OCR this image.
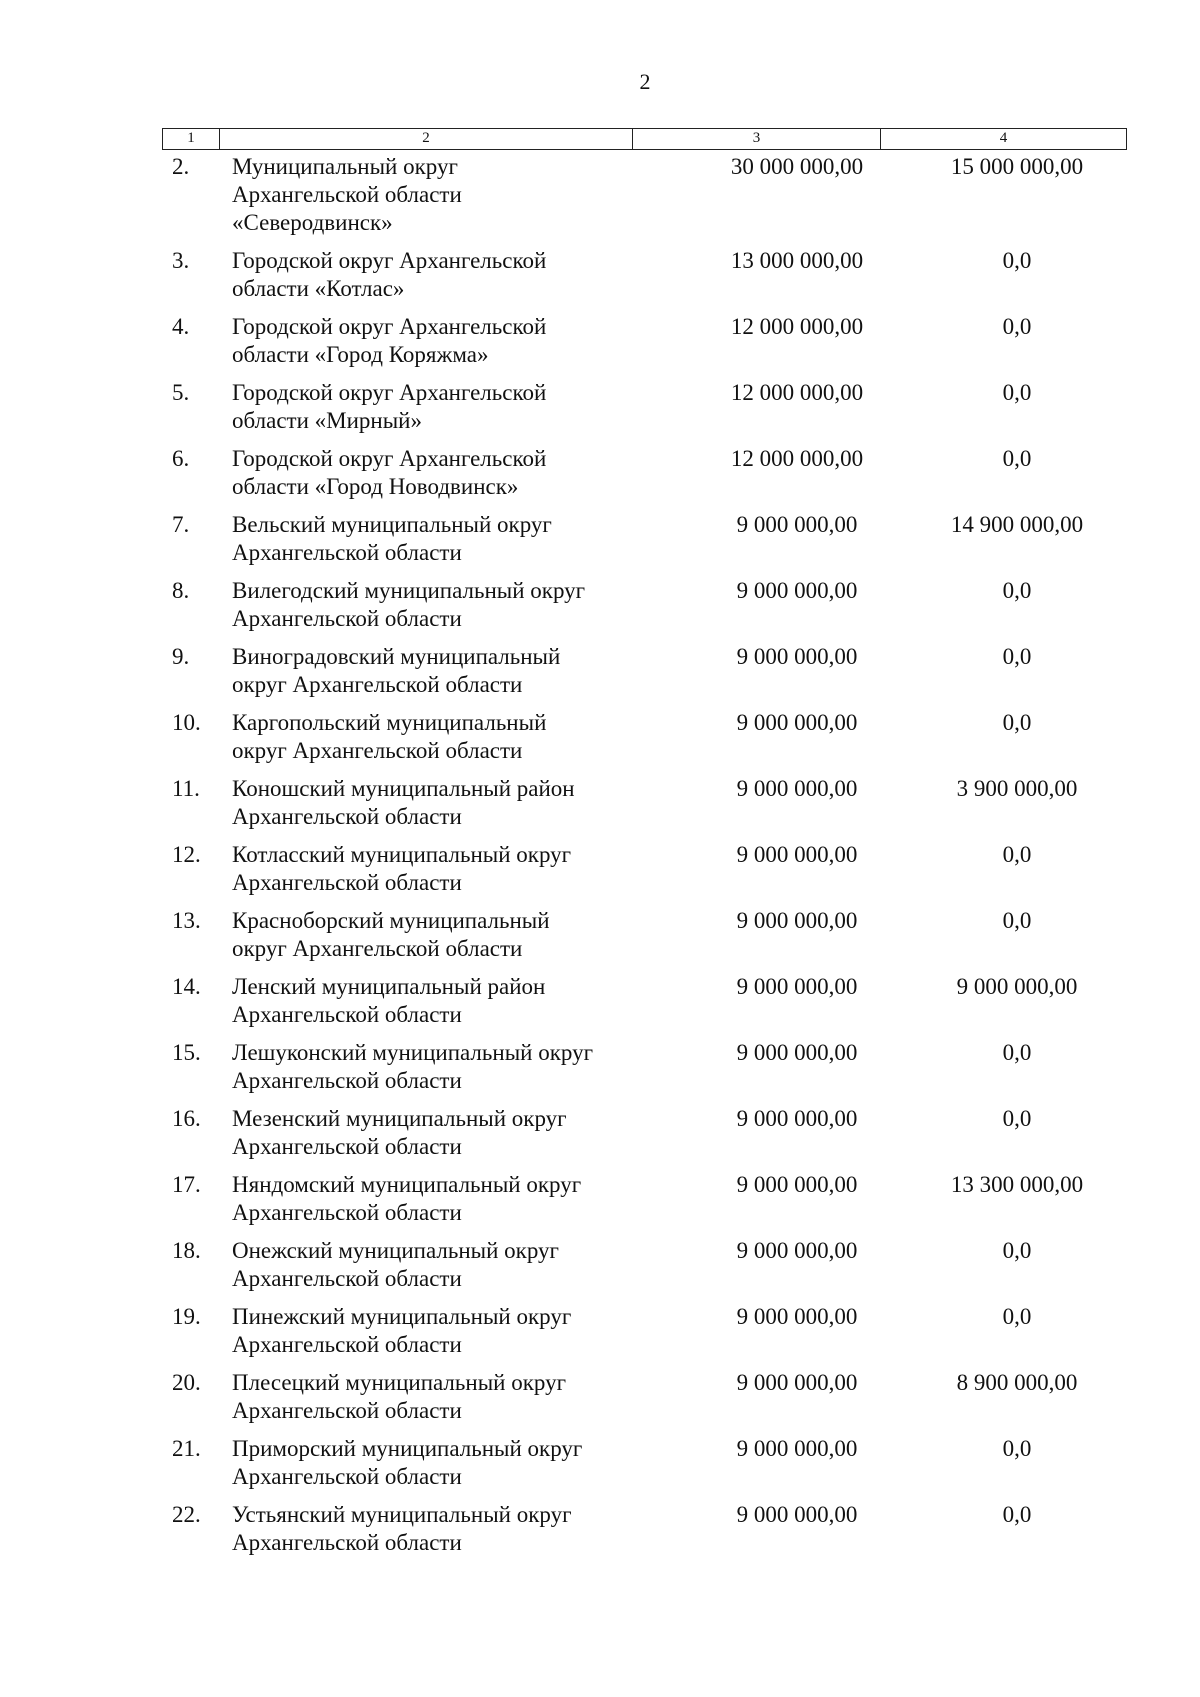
2
1	2	3	4
2.	Муниципальный округ
Архангельской области
«Северодвинск»
30 000 000,00	15 000 000,00
3.	Городской округ Архангельской
области «Котлас»
13 000 000,00	0,0
4.	Городской округ Архангельской
области «Город Коряжма»
12 000 000,00	0,0
5.	Городской округ Архангельской
области «Мирный»
12 000 000,00	0,0
6.	Городской округ Архангельской
области «Город Новодвинск»
12 000 000,00	0,0
7.	Вельский муниципальный округ
Архангельской области
9 000 000,00	14 900 000,00
8.	Вилегодский муниципальный округ
Архангельской области
9 000 000,00	0,0
9.	Виноградовский муниципальный
округ Архангельской области
9 000 000,00	0,0
10.	Каргопольский муниципальный
округ Архангельской области
9 000 000,00	0,0
11.	Коношский муниципальный район
Архангельской области
9 000 000,00	3 900 000,00
12.	Котласский муниципальный округ
Архангельской области
9 000 000,00	0,0
13.	Красноборский муниципальный
округ Архангельской области
9 000 000,00	0,0
14.	Ленский муниципальный район
Архангельской области
9 000 000,00	9 000 000,00
15.	Лешуконский муниципальный округ
Архангельской области
9 000 000,00	0,0
16.	Мезенский муниципальный округ
Архангельской области
9 000 000,00	0,0
17.	Няндомский муниципальный округ
Архангельской области
9 000 000,00	13 300 000,00
18.	Онежский муниципальный округ
Архангельской области
9 000 000,00	0,0
19.	Пинежский муниципальный округ
Архангельской области
9 000 000,00	0,0
20.	Плесецкий муниципальный округ
Архангельской области
9 000 000,00	8 900 000,00
21.	Приморский муниципальный округ
Архангельской области
9 000 000,00	0,0
22.	Устьянский муниципальный округ
Архангельской области
9 000 000,00	0,0
